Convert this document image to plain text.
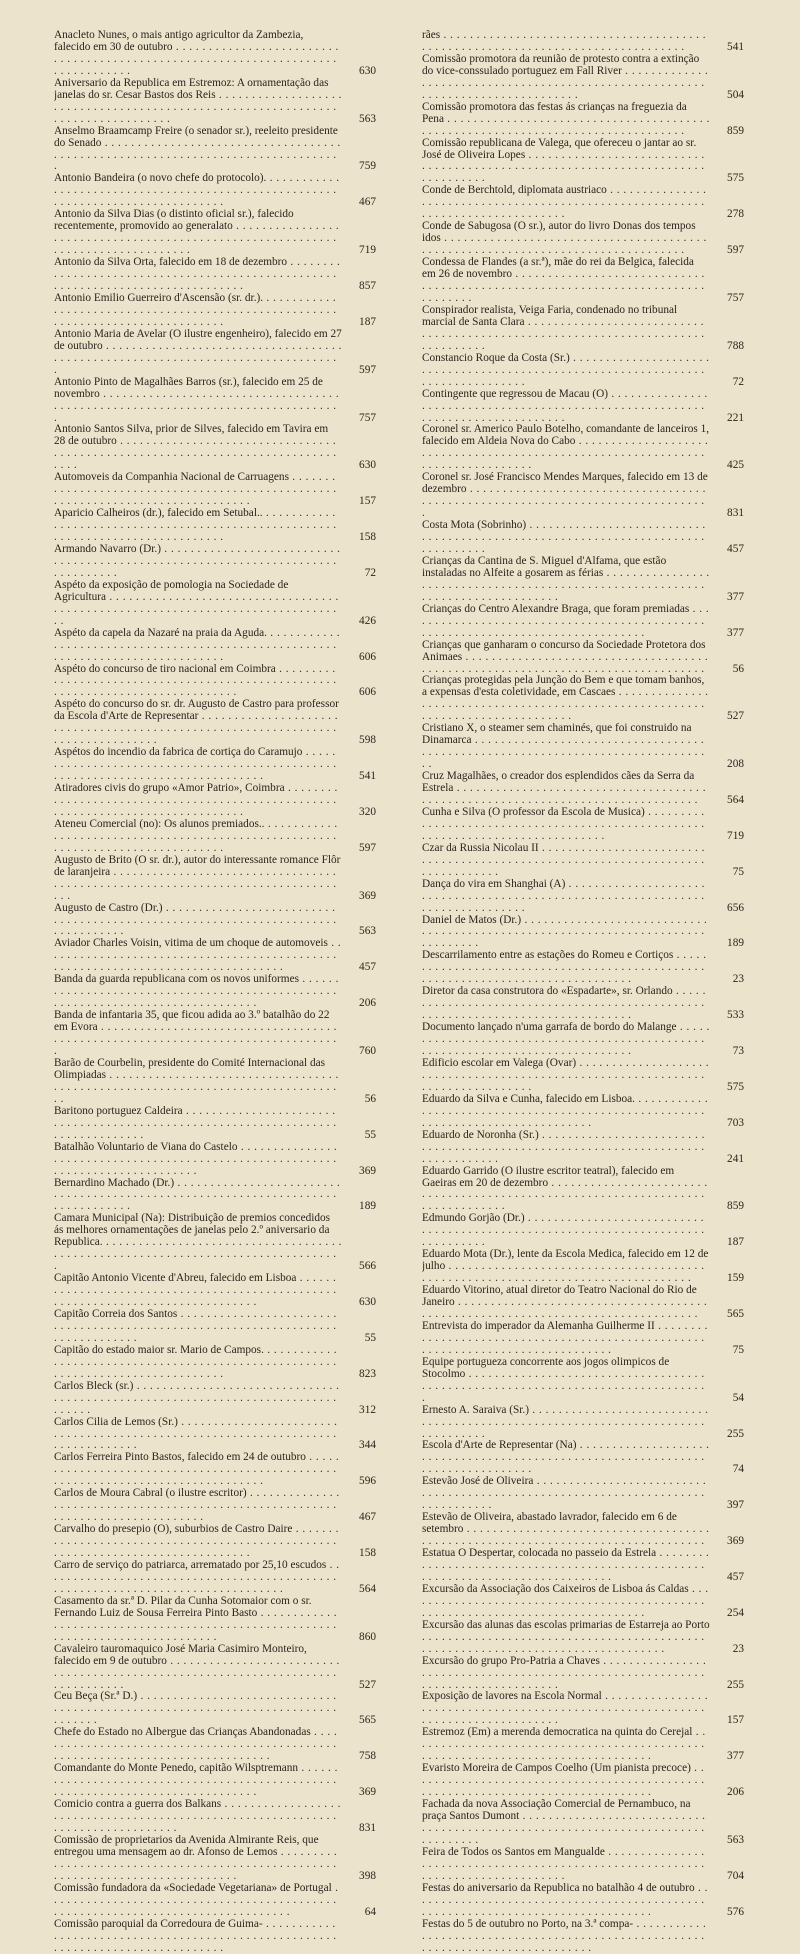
Anacleto Nunes, o mais antigo agricultor da Zambezia, falecido em 30 de outubro . . .
630
Aniversario da Republica em Estremoz: A ornamentação das janelas do sr. Cesar Bastos dos Reis . . .
563
Anselmo Braamcamp Freire (o senador sr.), reeleito presidente do Senado . . .
759
Antonio Bandeira (o novo chefe do protocolo). . . .
467
Antonio da Silva Dias (o distinto oficial sr.), falecido recentemente, promovido ao generalato . . .
719
Antonio da Silva Orta, falecido em 18 de dezembro . . .
857
Antonio Emilio Guerreiro d'Ascensão (sr. dr.). . . .
187
Antonio Maria de Avelar (O ilustre engenheiro), falecido em 27 de outubro . . .
597
Antonio Pinto de Magalhães Barros (sr.), falecido em 25 de novembro . . .
757
Antonio Santos Silva, prior de Silves, falecido em Tavira em 28 de outubro . . .
630
Automoveis da Companhia Nacional de Carruagens . . .
157
Aparicio Calheiros (dr.), falecido em Setubal.. . . .
158
Armando Navarro (Dr.) . . .
72
Aspéto da exposição de pomologia na Sociedade de Agricultura . . .
426
Aspéto da capela da Nazaré na praia da Aguda. . . .
606
Aspéto do concurso de tiro nacional em Coimbra . . .
606
Aspéto do concurso do sr. dr. Augusto de Castro para professor da Escola d'Arte de Representar . . .
598
Aspétos do incendio da fabrica de cortiça do Caramujo . . .
541
Atiradores civis do grupo «Amor Patrio», Coimbra . . .
320
Ateneu Comercial (no): Os alunos premiados.. . . .
597
Augusto de Brito (O sr. dr.), autor do interessante romance Flôr de laranjeira . . .
369
Augusto de Castro (Dr.) . . .
563
Aviador Charles Voisin, vitima de um choque de automoveis . . .
457
Banda da guarda republicana com os novos uniformes . . .
206
Banda de infantaria 35, que ficou adida ao 3.º batalhão do 22 em Evora . . .
760
Barão de Courbelin, presidente do Comité Internacional das Olimpiadas . . .
56
Baritono portuguez Caldeira . . .
55
Batalhão Voluntario de Viana do Castelo . . .
369
Bernardino Machado (Dr.) . . .
189
Camara Municipal (Na): Distribuição de premios concedidos ás melhores ornamentações de janelas pelo 2.º aniversario da Republica. . . .
566
Capitão Antonio Vicente d'Abreu, falecido em Lisboa . . .
630
Capitão Correia dos Santos . . .
55
Capitão do estado maior sr. Mario de Campos. . . .
823
Carlos Bleck (sr.) . . .
312
Carlos Cilia de Lemos (Sr.) . . .
344
Carlos Ferreira Pinto Bastos, falecido em 24 de outubro . . .
596
Carlos de Moura Cabral (o ilustre escritor) . . .
467
Carvalho do presepio (O), suburbios de Castro Daire . . .
158
Carro de serviço do patriarca, arrematado por 25,10 escudos . . .
564
Casamento da sr.ª D. Pilar da Cunha Sotomaior com o sr. Fernando Luiz de Sousa Ferreira Pinto Basto . . .
860
Cavaleiro tauromaquico José Maria Casimiro Monteiro, falecido em 9 de outubro . . .
527
Ceu Beça (Sr.ª D.) . . .
565
Chefe do Estado no Albergue das Crianças Abandonadas . . .
758
Comandante do Monte Penedo, capitão Wilsptremann . . .
369
Comicio contra a guerra dos Balkans . . .
831
Comissão de proprietarios da Avenida Almirante Reis, que entregou uma mensagem ao dr. Afonso de Lemos . . .
398
Comissão fundadora da «Sociedade Vegetariana» de Portugal . . .
64
Comissão paroquial da Corredoura de Guima- . . .
rães . . .
541
Comissão promotora da reunião de protesto contra a extinção do vice-conssulado portuguez em Fall River . . .
504
Comissão promotora das festas ás crianças na freguezia da Pena . . .
859
Comissão republicana de Valega, que ofereceu o jantar ao sr. José de Oliveira Lopes . . .
575
Conde de Berchtold, diplomata austriaco . . .
278
Conde de Sabugosa (O sr.), autor do livro Donas dos tempos idos . . .
597
Condessa de Flandes (a sr.ª), mãe do rei da Belgica, falecida em 26 de novembro . . .
757
Conspirador realista, Veiga Faria, condenado no tribunal marcial de Santa Clara . . .
788
Constancio Roque da Costa (Sr.) . . .
72
Contingente que regressou de Macau (O) . . .
221
Coronel sr. Americo Paulo Botelho, comandante de lanceiros 1, falecido em Aldeia Nova do Cabo . . .
425
Coronel sr. José Francisco Mendes Marques, falecido em 13 de dezembro . . .
831
Costa Mota (Sobrinho) . . .
457
Crianças da Cantina de S. Miguel d'Alfama, que estão instaladas no Alfeite a gosarem as férias . . .
377
Crianças do Centro Alexandre Braga, que foram premiadas . . .
377
Crianças que ganharam o concurso da Sociedade Protetora dos Animaes . . .
56
Crianças protegidas pela Junção do Bem e que tomam banhos, a expensas d'esta coletividade, em Cascaes . . .
527
Cristiano X, o steamer sem chaminés, que foi construido na Dinamarca . . .
208
Cruz Magalhães, o creador dos esplendidos cães da Serra da Estrela . . .
564
Cunha e Silva (O professor da Escola de Musica) . . .
719
Czar da Russia Nicolau II . . .
75
Dança do vira em Shanghai (A) . . .
656
Daniel de Matos (Dr.) . . .
189
Descarrilamento entre as estações do Romeu e Cortiços . . .
23
Diretor da casa construtora do «Espadarte», sr. Orlando . . .
533
Documento lançado n'uma garrafa de bordo do Malange . . .
73
Edificio escolar em Valega (Ovar) . . .
575
Eduardo da Silva e Cunha, falecido em Lisboa. . . .
703
Eduardo de Noronha (Sr.) . . .
241
Eduardo Garrido (O ilustre escritor teatral), falecido em Gaeiras em 20 de dezembro . . .
859
Edmundo Gorjão (Dr.) . . .
187
Eduardo Mota (Dr.), lente da Escola Medica, falecido em 12 de julho . . .
159
Eduardo Vitorino, atual diretor do Teatro Nacional do Rio de Janeiro . . .
565
Entrevista do imperador da Alemanha Guilherme II . . .
75
Equipe portugueza concorrente aos jogos olimpicos de Stocolmo . . .
54
Ernesto A. Saraiva (Sr.) . . .
255
Escola d'Arte de Representar (Na) . . .
74
Estevão José de Oliveira . . .
397
Estevão de Oliveira, abastado lavrador, falecido em 6 de setembro . . .
369
Estatua O Despertar, colocada no passeio da Estrela . . .
457
Excursão da Associação dos Caixeiros de Lisboa ás Caldas . . .
254
Excursão das alunas das escolas primarias de Estarreja ao Porto . . .
23
Excursão do grupo Pro-Patria a Chaves . . .
255
Exposição de lavores na Escola Normal . . .
157
Estremoz (Em) a merenda democratica na quinta do Cerejal . . .
377
Evaristo Moreira de Campos Coelho (Um pianista precoce) . . .
206
Fachada da nova Associação Comercial de Pernambuco, na praça Santos Dumont . . .
563
Feira de Todos os Santos em Mangualde . . .
704
Festas do aniversario da Republica no batalhão 4 de outubro . . .
576
Festas do 5 de outubro no Porto, na 3.ª compa- . . .
